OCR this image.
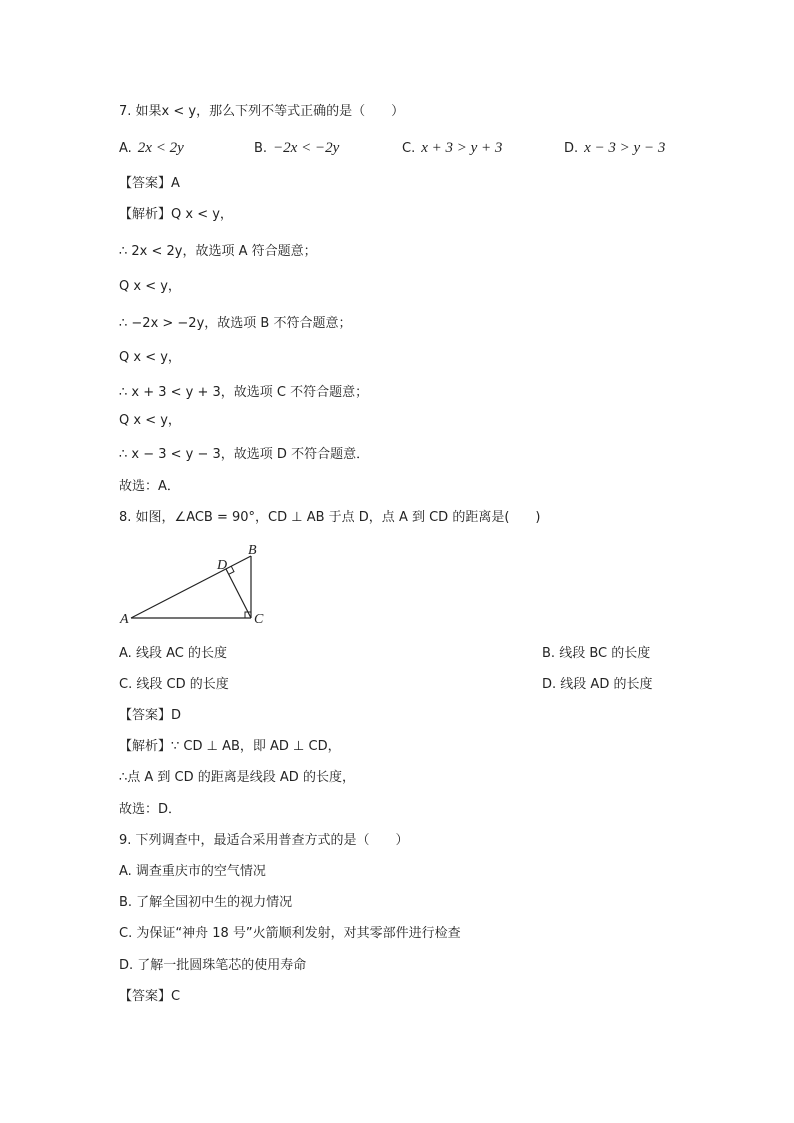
7. 如果x < y，那么下列不等式正确的是（　　）
A. 2x < 2y	B. −2x < −2y	C. x + 3 > y + 3	D. x − 3 > y − 3
【答案】A
【解析】Q x < y，
∴ 2x < 2y，故选项 A 符合题意；
Q x < y，
∴ −2x > −2y，故选项 B 不符合题意；
Q x < y，
∴ x + 3 < y + 3，故选项 C 不符合题意；
Q x < y，
∴ x − 3 < y − 3，故选项 D 不符合题意．
故选：A．
8. 如图，∠ACB = 90°，CD ⊥ AB 于点 D，点 A 到 CD 的距离是(　　)
A
B
C
D
A. 线段 AC 的长度	B. 线段 BC 的长度
C. 线段 CD 的长度	D. 线段 AD 的长度
【答案】D
【解析】∵ CD ⊥ AB，即 AD ⊥ CD，
∴点 A 到 CD 的距离是线段 AD 的长度，
故选：D．
9. 下列调查中，最适合采用普查方式的是（　　）
A. 调查重庆市的空气情况
B. 了解全国初中生的视力情况
C. 为保证“神舟 18 号”火箭顺利发射，对其零部件进行检查
D. 了解一批圆珠笔芯的使用寿命
【答案】C
